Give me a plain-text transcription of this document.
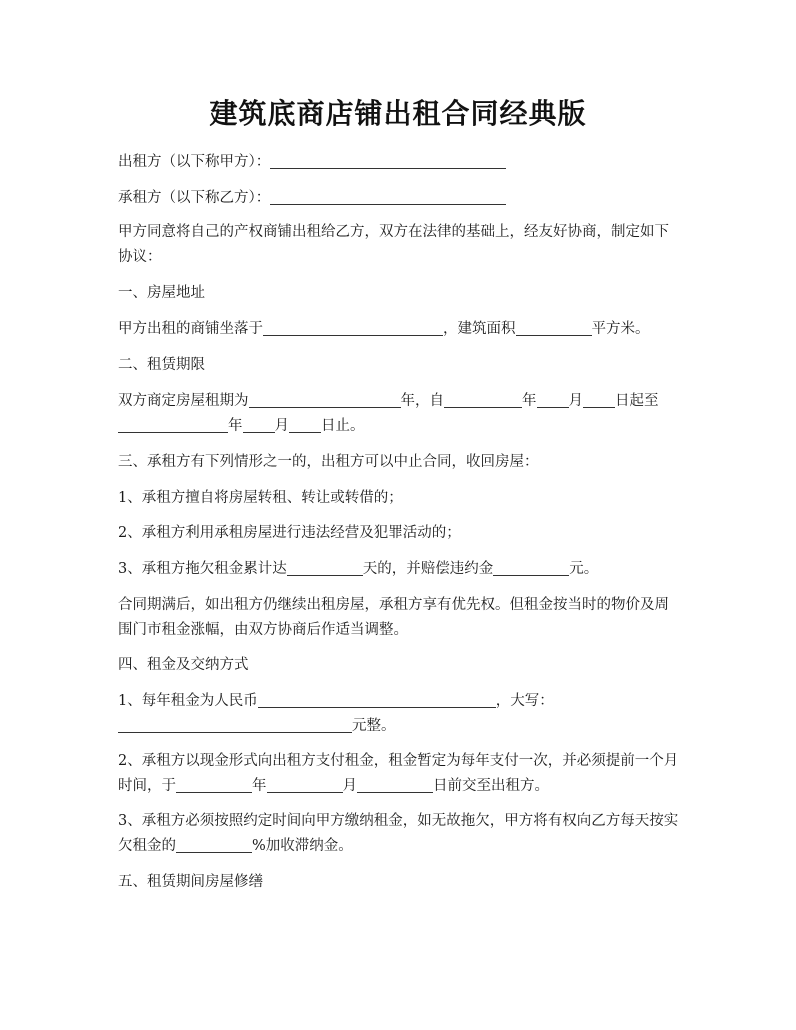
建筑底商店铺出租合同经典版

出租方（以下称甲方）：

承租方（以下称乙方）：

甲方同意将自己的产权商铺出租给乙方，双方在法律的基础上，经友好协商，制定如下协议：

一、房屋地址

甲方出租的商铺坐落于	，建筑面积	平方米。

二、租赁期限

双方商定房屋租期为	年，自	年 月 日起至
年 月 日止。

三、承租方有下列情形之一的，出租方可以中止合同，收回房屋：

1、承租方擅自将房屋转租、转让或转借的；

2、承租方利用承租房屋进行违法经营及犯罪活动的；

3、承租方拖欠租金累计达	天的，并赔偿违约金	元。

合同期满后，如出租方仍继续出租房屋，承租方享有优先权。但租金按当时的物价及周围门市租金涨幅，由双方协商后作适当调整。

四、租金及交纳方式

1、每年租金为人民币	，大写：
元整。

2、承租方以现金形式向出租方支付租金，租金暂定为每年支付一次，并必须提前一个月时间，于	年	月	日前交至出租方。

3、承租方必须按照约定时间向甲方缴纳租金，如无故拖欠，甲方将有权向乙方每天按实欠租金的	%加收滞纳金。

五、租赁期间房屋修缮
